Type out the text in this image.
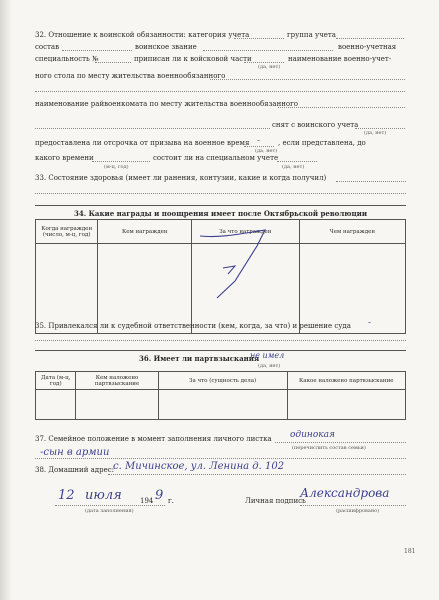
32. Отношение к воинской обязанности: категория учета	группа учета
состав	воинское звание	военно-учетная
специальность №	приписан ли к войсковой части	наименование военно-учет-
(да, нет)
ного стола по месту жительства военнообязанного
наименование райвоенкомата по месту жительства военнообязанного
снят с воинского учета
(да, нет)
предоставлена ли отсрочка от призыва на военное время -	, если представлена, до
(да, нет)
какого времени	состоит ли на специальном учете
(м-ц, год)	(да, нет)
33. Состояние здоровья (имеет ли ранения, контузии, какие и когда получил)
34. Какие награды и поощрения имеет после Октябрьской революции
Когда награжден (число, м-ц, год)	Кем награжден	За что награжден	Чем награжден

35. Привлекался ли к судебной ответственности (кем, когда, за что) и решение суда -
36. Имеет ли партвзыскания
не имел
(да, нет)
Дата (м-ц, год)	Кем наложено партвзыскание	За что (сущность дела)	Какое наложено партвзыскание

37. Семейное положение в момент заполнения личного листка одинокая
(перечислить состав семьи)
-сын в армии
38. Домашний адрес: с. Мичинское, ул. Ленина д. 102
12 июля	194 9 г.
(дата заполнения)
Личная подпись
Александрова
(расшифровано)
181
